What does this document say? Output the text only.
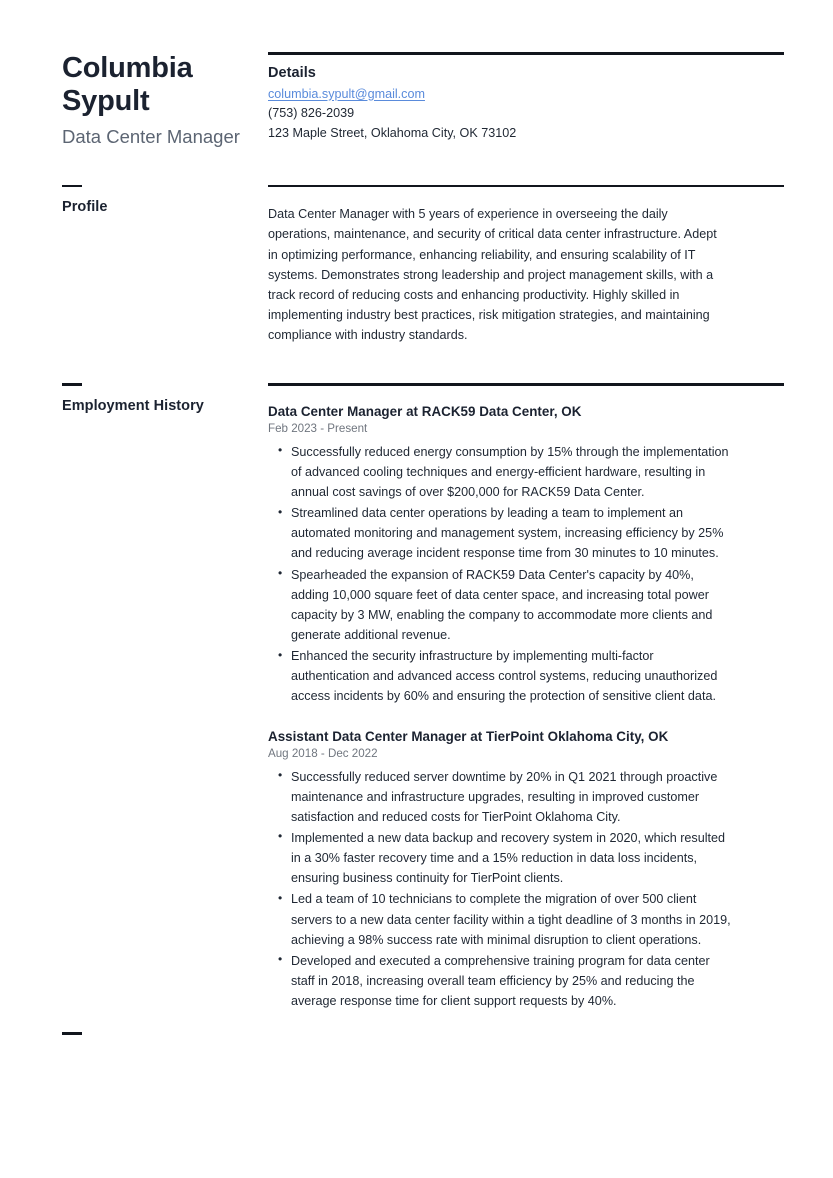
Columbia Sypult
Data Center Manager
Details
columbia.sypult@gmail.com
(753) 826-2039
123 Maple Street, Oklahoma City, OK 73102
Profile	Data Center Manager with 5 years of experience in overseeing the daily operations, maintenance, and security of critical data center infrastructure. Adept in optimizing performance, enhancing reliability, and ensuring scalability of IT systems. Demonstrates strong leadership and project management skills, with a track record of reducing costs and enhancing productivity. Highly skilled in implementing industry best practices, risk mitigation strategies, and maintaining compliance with industry standards.

Employment History	Data Center Manager at RACK59 Data Center, OK
Feb 2023 - Present
• Successfully reduced energy consumption by 15% through the implementation of advanced cooling techniques and energy-efficient hardware, resulting in annual cost savings of over $200,000 for RACK59 Data Center.
• Streamlined data center operations by leading a team to implement an automated monitoring and management system, increasing efficiency by 25% and reducing average incident response time from 30 minutes to 10 minutes.
• Spearheaded the expansion of RACK59 Data Center's capacity by 40%, adding 10,000 square feet of data center space, and increasing total power capacity by 3 MW, enabling the company to accommodate more clients and generate additional revenue.
• Enhanced the security infrastructure by implementing multi-factor authentication and advanced access control systems, reducing unauthorized access incidents by 60% and ensuring the protection of sensitive client data.
Assistant Data Center Manager at TierPoint Oklahoma City, OK
Aug 2018 - Dec 2022
• Successfully reduced server downtime by 20% in Q1 2021 through proactive maintenance and infrastructure upgrades, resulting in improved customer satisfaction and reduced costs for TierPoint Oklahoma City.
• Implemented a new data backup and recovery system in 2020, which resulted in a 30% faster recovery time and a 15% reduction in data loss incidents, ensuring business continuity for TierPoint clients.
• Led a team of 10 technicians to complete the migration of over 500 client servers to a new data center facility within a tight deadline of 3 months in 2019, achieving a 98% success rate with minimal disruption to client operations.
• Developed and executed a comprehensive training program for data center staff in 2018, increasing overall team efficiency by 25% and reducing the average response time for client support requests by 40%.
